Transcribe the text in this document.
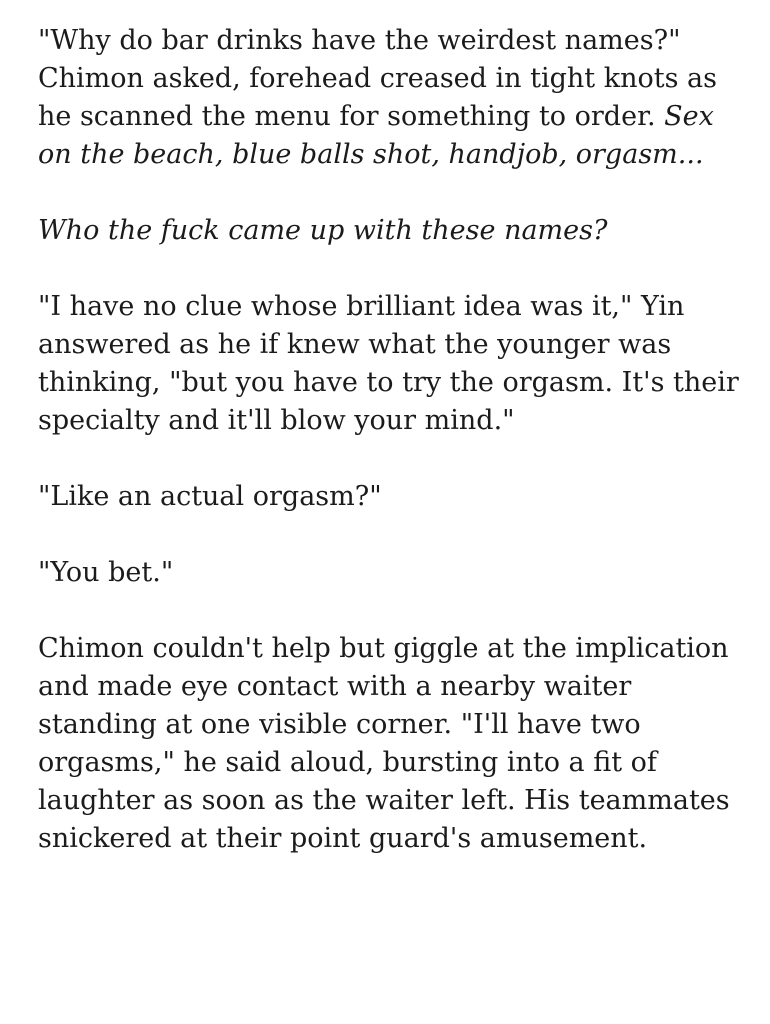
"Why do bar drinks have the weirdest names?"
Chimon asked, forehead creased in tight knots as
he scanned the menu for something to order. Sex
on the beach, blue balls shot, handjob, orgasm...

Who the fuck came up with these names?

"I have no clue whose brilliant idea was it," Yin
answered as he if knew what the younger was
thinking, "but you have to try the orgasm. It's their
specialty and it'll blow your mind."

"Like an actual orgasm?"

"You bet."

Chimon couldn't help but giggle at the implication
and made eye contact with a nearby waiter
standing at one visible corner. "I'll have two
orgasms," he said aloud, bursting into a fit of
laughter as soon as the waiter left. His teammates
snickered at their point guard's amusement.
